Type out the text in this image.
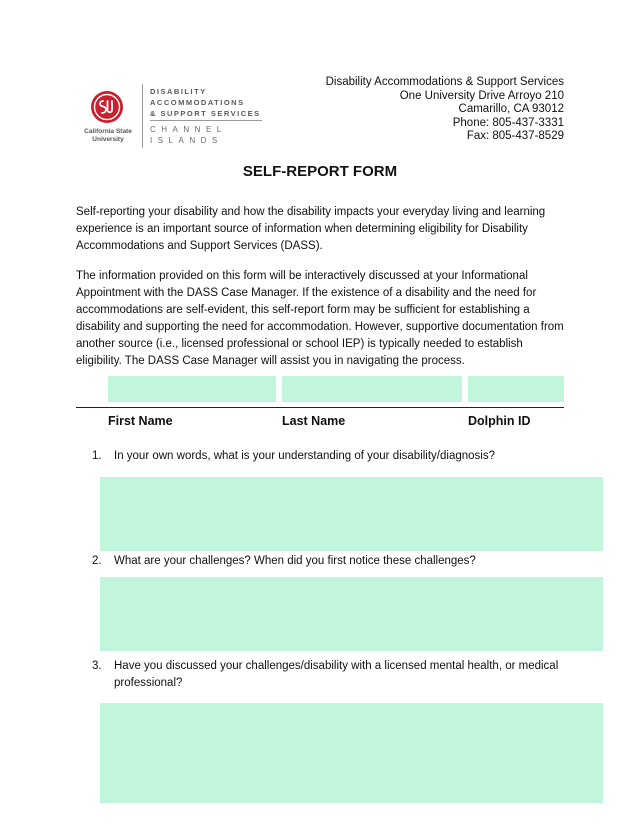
California State University
DISABILITY
ACCOMMODATIONS
& SUPPORT SERVICES
CHANNEL
ISLANDS
Disability Accommodations & Support Services
One University Drive Arroyo 210
Camarillo, CA 93012
Phone: 805-437-3331
Fax: 805-437-8529
SELF-REPORT FORM
Self-reporting your disability and how the disability impacts your everyday living and learning experience is an important source of information when determining eligibility for Disability Accommodations and Support Services (DASS).
The information provided on this form will be interactively discussed at your Informational Appointment with the DASS Case Manager. If the existence of a disability and the need for accommodations are self-evident, this self-report form may be sufficient for establishing a disability and supporting the need for accommodation. However, supportive documentation from another source (i.e., licensed professional or school IEP) is typically needed to establish eligibility. The DASS Case Manager will assist you in navigating the process.
First Name	Last Name	Dolphin ID
1. In your own words, what is your understanding of your disability/diagnosis?
2. What are your challenges? When did you first notice these challenges?
3. Have you discussed your challenges/disability with a licensed mental health, or medical professional?
